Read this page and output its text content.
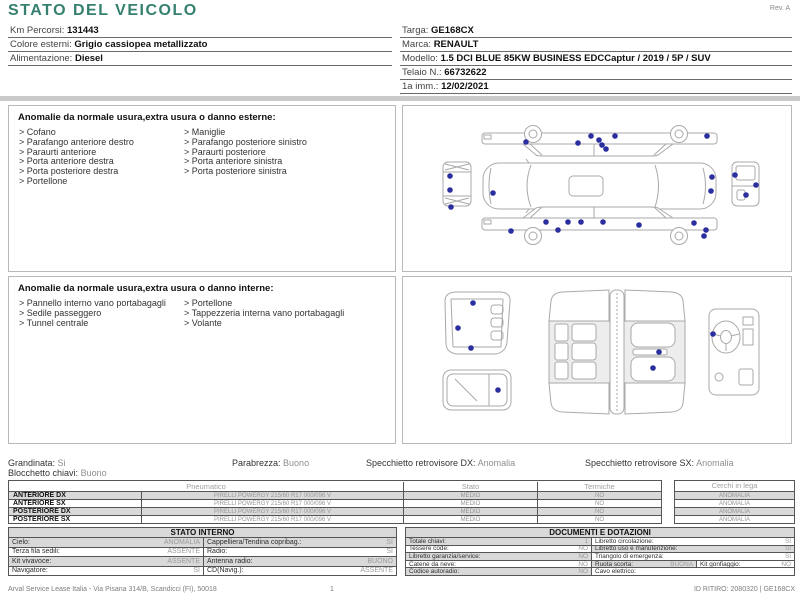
STATO DEL VEICOLO	Rev. A
Km Percorsi: 131443
Colore esterni: Grigio cassiopea metallizzato
Alimentazione: Diesel
Targa: GE168CX
Marca: RENAULT
Modello: 1.5 DCI BLUE 85KW BUSINESS EDCCaptur / 2019 / 5P / SUV
Telaio N.: 66732622
1a imm.: 12/02/2021
Anomalie da normale usura,extra usura o danno esterne:
> Cofano
> Parafango anteriore destro
> Paraurti anteriore
> Porta anteriore destra
> Porta posteriore destra
> Portellone
> Maniglie
> Parafango posteriore sinistro
> Paraurti posteriore
> Porta anteriore sinistra
> Porta posteriore sinistra
Anomalie da normale usura,extra usura o danno interne:
> Pannello interno vano portabagagli
> Sedile passeggero
> Tunnel centrale
> Portellone
> Tappezzeria interna vano portabagagli
> Volante
Grandinata: Si	Parabrezza: Buono	Specchietto retrovisore DX: Anomalia	Specchietto retrovisore SX: Anomalia
Blocchetto chiavi: Buono
Pneumatico	Stato	Termiche
ANTERIORE DX	PIRELLI POWERGY 215/60 R17 000/096 V	MEDIO	NO
ANTERIORE SX	PIRELLI POWERGY 215/60 R17 000/096 V	MEDIO	NO
POSTERIORE DX	PIRELLI POWERGY 215/60 R17 000/096 V	MEDIO	NO
POSTERIORE SX	PIRELLI POWERGY 215/60 R17 000/096 V	MEDIO	NO
Cerchi in lega
ANOMALIA
ANOMALIA
ANOMALIA
ANOMALIA
STATO INTERNO
Cielo:	ANOMALIA Cappelliera/Tendina copribag.:	SI
Terza fila sedili:	ASSENTE Radio:	SI
Kit vivavoce:	ASSENTE Antenna radio:	BUONO
Navigatore:	SI CD(Navig.):	ASSENTE
DOCUMENTI E DOTAZIONI
Totale chiavi:	1 Libretto circolazione:	SI
Tessere code:	NO Libretto uso e manutenzione:	SI
Libretto garanzia/service:	NO Triangolo di emergenza:	SI
Catene da neve:	NO Ruota scorta:	BUONA Kit gonfiaggio:	NO
Codice autoradio:	NO Cavo elettrico:
Arval Service Lease Italia - Via Pisana 314/B, Scandicci (FI), 50018	1	ID RITIRO: 2080320 | GE168CX
